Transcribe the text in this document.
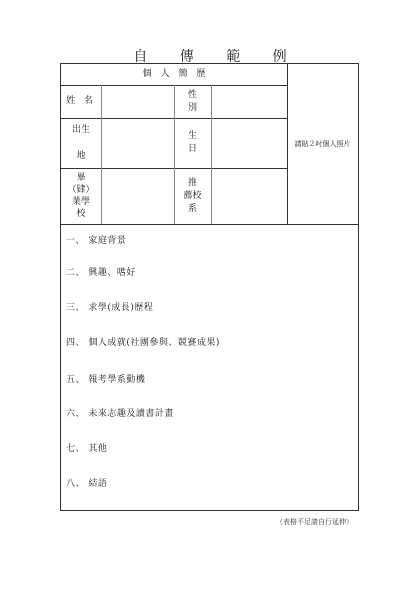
自 傳 範 例
個　人　簡　歷
姓 名
性
別
出生

地
生
日
畢
（肄）
業學
校
推
薦校
系
請貼２吋個人照片
一、 家庭背景
二、 興趣、嗜好
三、 求學(成長)歷程
四、 個人成就(社團參與、競賽成果)
五、 報考學系動機
六、 未來志趣及讀書計畫
七、 其他
八、 結語
（表格不足請自行延伸）
